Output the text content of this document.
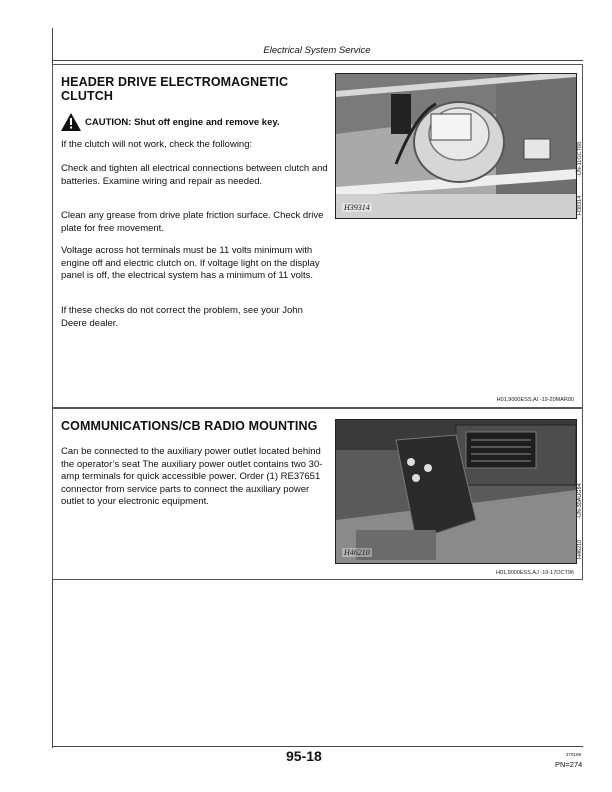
Electrical System Service
HEADER DRIVE ELECTROMAGNETIC CLUTCH
CAUTION: Shut off engine and remove key.

If the clutch will not work, check the following:

Check and tighten all electrical connections between clutch and batteries. Examine wiring and repair as needed.

Clean any grease from drive plate friction surface. Check drive plate for free movement.

Voltage across hot terminals must be 11 volts minimum with engine off and electric clutch on. If voltage light on the display panel is off, the electrical system has a minimum of 11 volts.

If these checks do not correct the problem, see your John Deere dealer.

H39314
-UN-11OCT88
H39314
H01,9000ESS,AI -19-20MAR00
COMMUNICATIONS/CB RADIO MOUNTING

Can be connected to the auxiliary power outlet located behind the operator’s seat The auxiliary power outlet contains two 30-amp terminals for quick accessible power. Order (1) RE37651 connector from service parts to connect the auxiliary power outlet to your electronic equipment.

H46210
-UN-30AUG94
H46210
H01,9000ESS,AJ -19-17OCT96
95-18	270199
PN=274
